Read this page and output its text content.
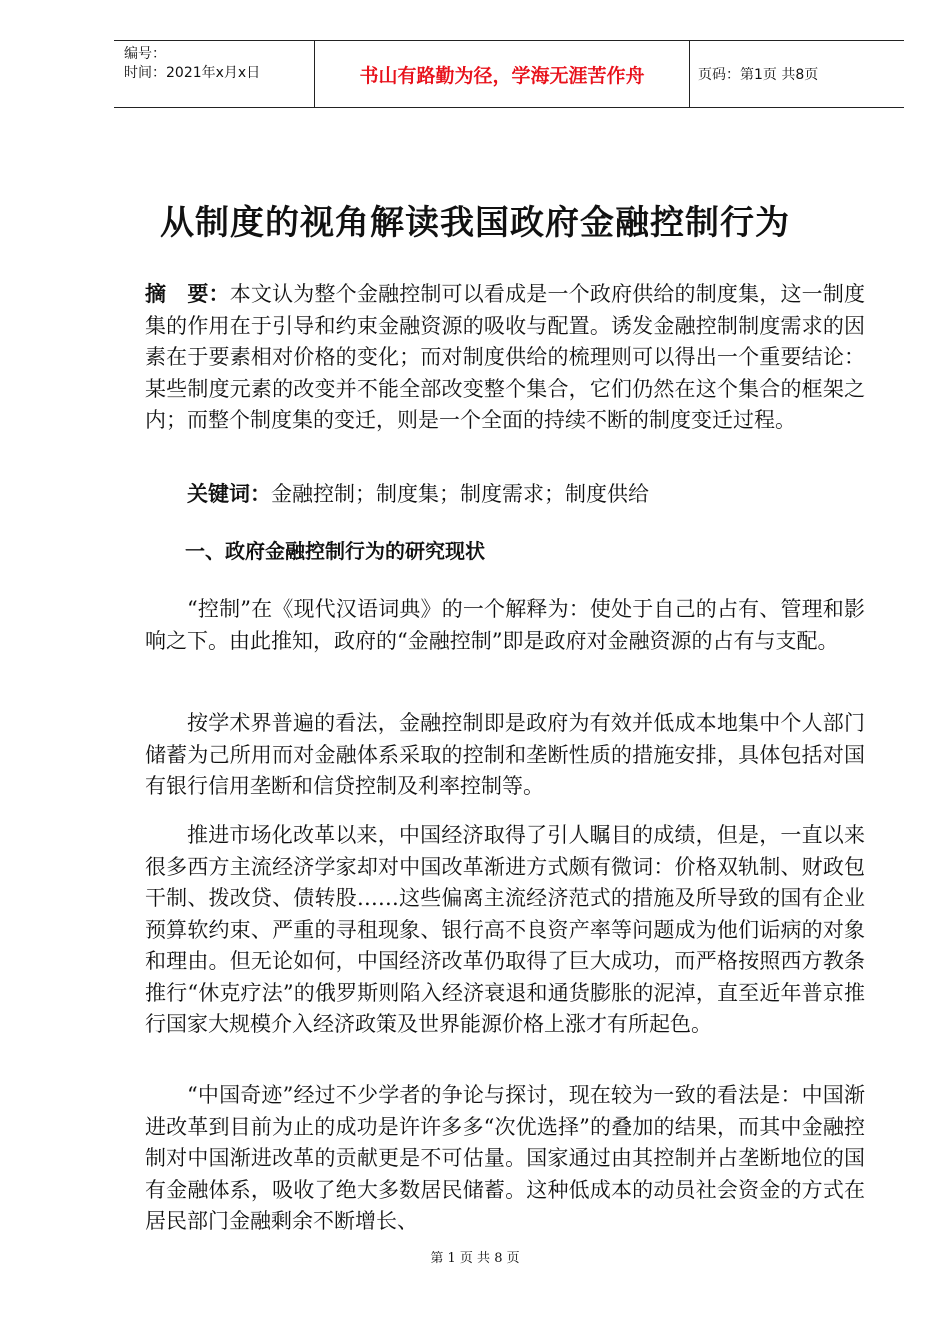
编号：
时间：2021年x月x日	书山有路勤为径，学海无涯苦作舟	页码：第1页 共8页
从制度的视角解读我国政府金融控制行为

摘　要：本文认为整个金融控制可以看成是一个政府供给的制度集，这一制度集的作用在于引导和约束金融资源的吸收与配置。诱发金融控制制度需求的因素在于要素相对价格的变化；而对制度供给的梳理则可以得出一个重要结论：某些制度元素的改变并不能全部改变整个集合，它们仍然在这个集合的框架之内；而整个制度集的变迁，则是一个全面的持续不断的制度变迁过程。

关键词：金融控制；制度集；制度需求；制度供给

一、政府金融控制行为的研究现状

“控制”在《现代汉语词典》的一个解释为：使处于自己的占有、管理和影响之下。由此推知，政府的“金融控制”即是政府对金融资源的占有与支配。

按学术界普遍的看法，金融控制即是政府为有效并低成本地集中个人部门储蓄为己所用而对金融体系采取的控制和垄断性质的措施安排，具体包括对国有银行信用垄断和信贷控制及利率控制等。

推进市场化改革以来，中国经济取得了引人瞩目的成绩，但是，一直以来很多西方主流经济学家却对中国改革渐进方式颇有微词：价格双轨制、财政包干制、拨改贷、债转股……这些偏离主流经济范式的措施及所导致的国有企业预算软约束、严重的寻租现象、银行高不良资产率等问题成为他们诟病的对象和理由。但无论如何，中国经济改革仍取得了巨大成功，而严格按照西方教条推行“休克疗法”的俄罗斯则陷入经济衰退和通货膨胀的泥淖，直至近年普京推行国家大规模介入经济政策及世界能源价格上涨才有所起色。

“中国奇迹”经过不少学者的争论与探讨，现在较为一致的看法是：中国渐进改革到目前为止的成功是许许多多“次优选择”的叠加的结果，而其中金融控制对中国渐进改革的贡献更是不可估量。国家通过由其控制并占垄断地位的国有金融体系，吸收了绝大多数居民储蓄。这种低成本的动员社会资金的方式在居民部门金融剩余不断增长、

第 1 页 共 8 页
